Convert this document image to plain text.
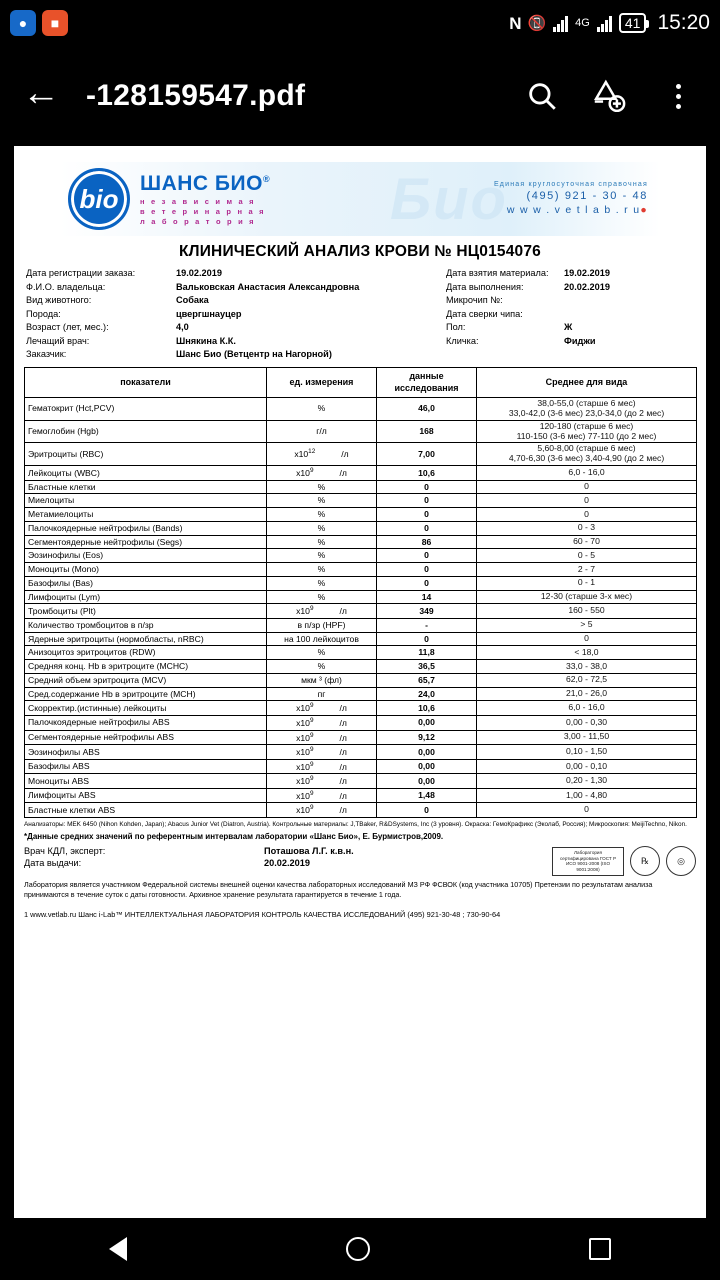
●	■	N 📵	4G	41 15:20
← -128159547.pdf
bio
ШАНС БИО®
н е з а в и с и м а я
в е т е р и н а р н а я
л а б о р а т о р и я Био
Единая круглосуточная справочная
(495) 921 - 30 - 48
w w w . v e t l a b . r u●
КЛИНИЧЕСКИЙ АНАЛИЗ КРОВИ № НЦ0154076
Дата регистрации заказа:	19.02.2019
Ф.И.О. владельца:	Вальковская Анастасия Александровна
Вид животного:	Собака
Порода:	цвергшнауцер
Возраст (лет, мес.):	4,0
Лечащий врач:	Шнякина К.К.
Заказчик:	Шанс Био (Ветцентр на Нагорной)
Дата взятия материала:	19.02.2019
Дата выполнения:	20.02.2019
Микрочип №:
Дата сверки чипа:
Пол:	Ж
Кличка:	Фиджи
показатели	ед. измерения	данные исследования	Среднее для вида
Гематокрит (Hct,PCV)	%	46,0	38,0-55,0 (старше 6 мес)
33,0-42,0 (3-6 мес) 23,0-34,0 (до 2 мес)

Гемоглобин (Hgb)	г/л	168	120-180 (старше 6 мес)
110-150 (3-6 мес) 77-110 (до 2 мес)

Эритроциты (RBC)	$х10^{12}$ /л	7,00	5,60-8,00 (старше 6 мес)
4,70-6,30 (3-6 мес) 3,40-4,90 (до 2 мес)

Лейкоциты (WBC)	$х10^9$ /л	10,6	6,0 - 16,0

Бластные клетки	%	0	0

Миелоциты	%	0	0

Метамиелоциты	%	0	0

Палочкоядерные нейтрофилы (Bands)	%	0	0 - 3

Сегментоядерные нейтрофилы (Segs)	%	86	60 - 70

Эозинофилы (Eos)	%	0	0 - 5

Моноциты (Mono)	%	0	2 - 7

Базофилы (Bas)	%	0	0 - 1

Лимфоциты (Lym)	%	14	12-30 (старше 3-х мес)

Тромбоциты (Plt)	$х10^9$ /л	349	160 - 550

Количество тромбоцитов в п/зр	в п/зр (HPF)	-	> 5

Ядерные эритроциты (нормобласты, nRBC)	на 100 лейкоцитов	0	0

Анизоцитоз эритроцитов (RDW)	%	11,8	< 18,0

Средняя конц. Hb в эритроците (MCHC)	%	36,5	33,0 - 38,0

Средний объем эритроцита (MCV)	мкм ³ (фл)	65,7	62,0 - 72,5

Сред.содержание Hb в эритроците (MCH)	пг	24,0	21,0 - 26,0

Скорректир.(истинные) лейкоциты	$х10^9$ /л	10,6	6,0 - 16,0

Палочкоядерные нейтрофилы ABS	$х10^9$ /л	0,00	0,00 - 0,30

Сегментоядерные нейтрофилы ABS	$х10^9$ /л	9,12	3,00 - 11,50

Эозинофилы ABS	$х10^9$ /л	0,00	0,10 - 1,50

Базофилы ABS	$х10^9$ /л	0,00	0,00 - 0,10

Моноциты ABS	$х10^9$ /л	0,00	0,20 - 1,30

Лимфоциты ABS	$х10^9$ /л	1,48	1,00 - 4,80

Бластные клетки ABS	$х10^9$ /л	0	0
Анализаторы: MEK 6450 (Nihon Kohden, Japan); Abacus Junior Vet (Diatron, Austria). Контрольные материалы: J,TBaker, R&DSystems, Inc (3 уровня). Окраска: ГемоКрафикс (Эколаб, Россия); Микроскопия: MeijiTechno, Nikon.
*Данные средних значений по референтным интервалам лаборатории «Шанс Био», Е. Бурмистров,2009.
Врач КДЛ, эксперт:
Дата выдачи:
Поташова Л.Г. к.в.н.
20.02.2019
Лаборатория сертифицирована ГОСТ Р ИСО 9001-2008 (ISO 9001:2008)
℞	◎
Лаборатория является участником Федеральной системы внешней оценки качества лабораторных исследований МЗ РФ ФСВОК (код участника 10705) Претензии по результатам анализа принимаются в течение суток с даты готовности. Архивное хранение результата гарантируется в течение 1 года.
1 www.vetlab.ru Шанс i-Lab™ ИНТЕЛЛЕКТУАЛЬНАЯ ЛАБОРАТОРИЯ КОНТРОЛЬ КАЧЕСТВА ИССЛЕДОВАНИЙ (495) 921-30-48 ; 730-90-64
